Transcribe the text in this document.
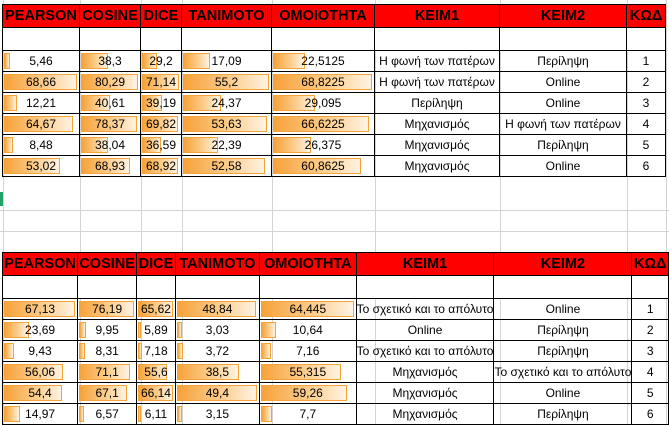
PEARSON	COSINE	DICE	TANIMOTO	ΟΜΟΙΟΤΗΤΑ	ΚΕΙΜ1	ΚΕΙΜ2	ΚΩΔ

5,46	38,3	29,2	17,09	22,5125	Η φωνή των πατέρων	Περίληψη	1

68,66	80,29	71,14	55,2	68,8225	Η φωνή των πατέρων	Online	2

12,21	40,61	39,19	24,37	29,095	Περίληψη	Online	3

64,67	78,37	69,82	53,63	66,6225	Μηχανισμός	Η φωνή των πατέρων	4

8,48	38,04	36,59	22,39	26,375	Μηχανισμός	Περίληψη	5

53,02	68,93	68,92	52,58	60,8625	Μηχανισμός	Online	6
PEARSON	COSINE	DICE	TANIMOTO	ΟΜΟΙΟΤΗΤΑ	ΚΕΙΜ1	ΚΕΙΜ2	ΚΩΔ

67,13	76,19	65,62	48,84	64,445	Το σχετικό και το απόλυτο	Online	1

23,69	9,95	5,89	3,03	10,64	Online	Περίληψη	2

9,43	8,31	7,18	3,72	7,16	Το σχετικό και το απόλυτο	Περίληψη	3

56,06	71,1	55,6	38,5	55,315	Μηχανισμός	Το σχετικό και το απόλυτο	4

54,4	67,1	66,14	49,4	59,26	Μηχανισμός	Online	5

14,97	6,57	6,11	3,15	7,7	Μηχανισμός	Περίληψη	6
